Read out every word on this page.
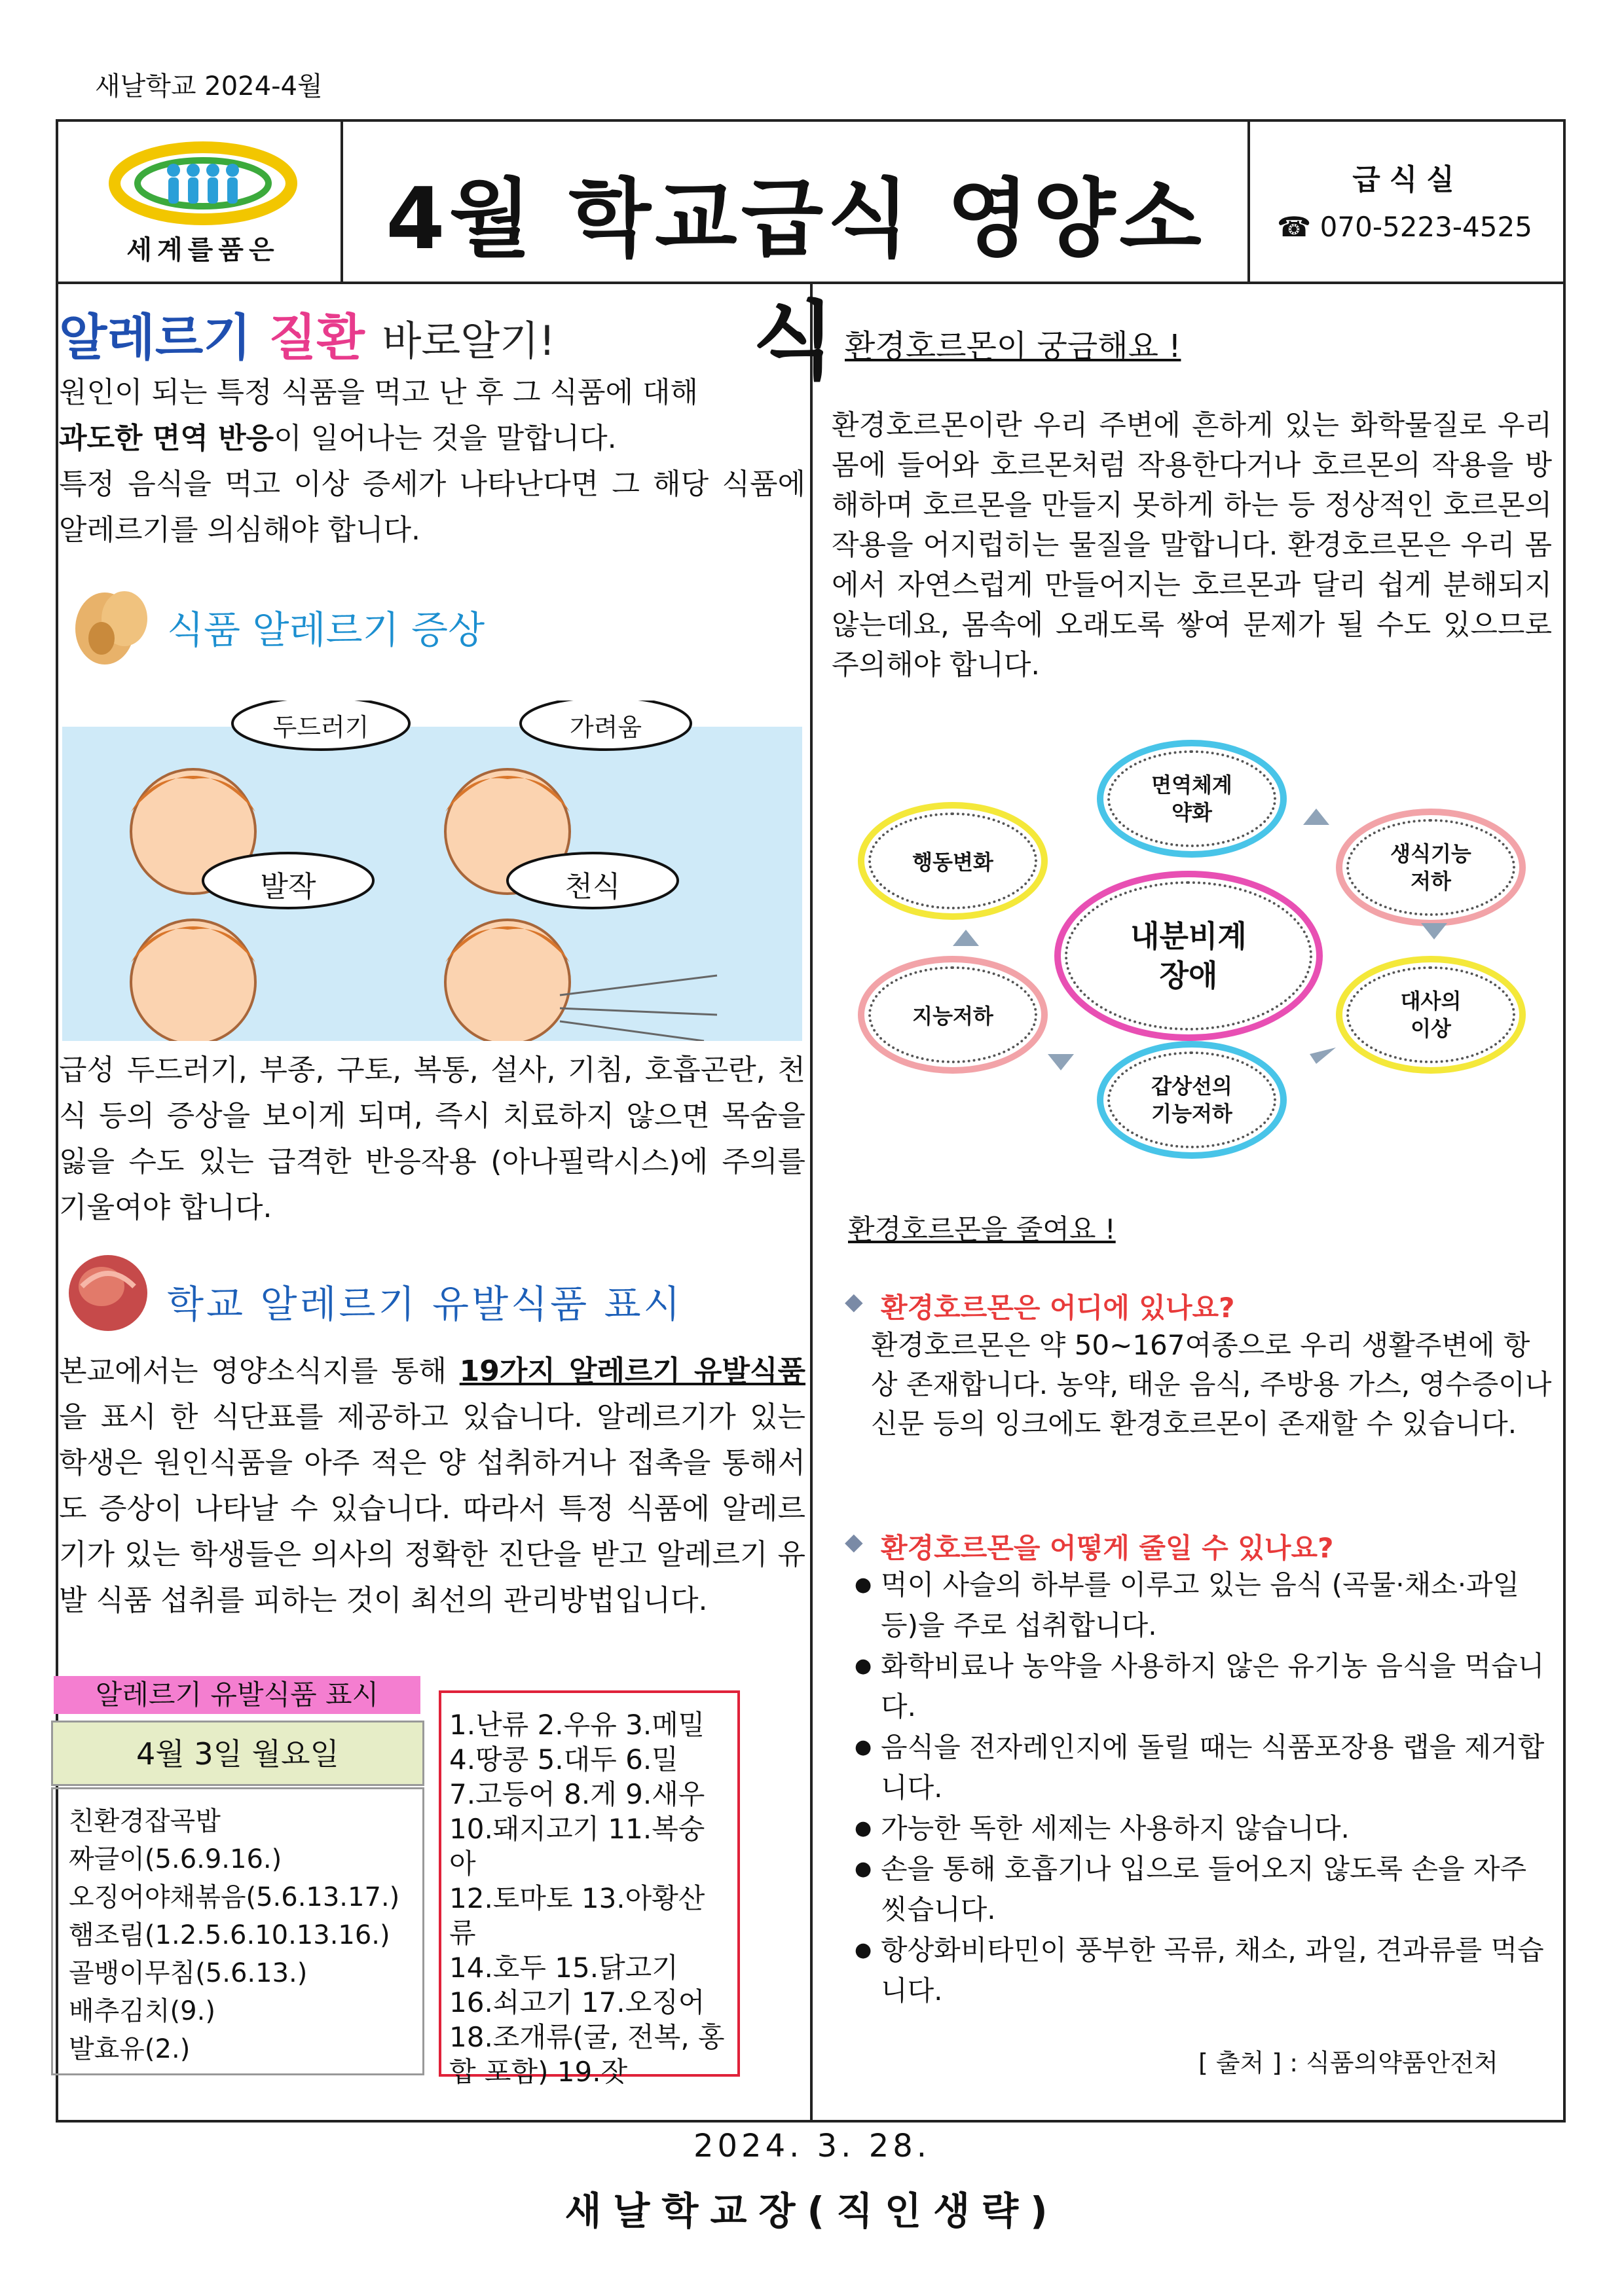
새날학교 2024-4월
세계를품은	4월 학교급식 영양소식
급식실
☎ 070-5223-4525
알레르기 질환 바로알기!
원인이 되는 특정 식품을 먹고 난 후 그 식품에 대해
과도한 면역 반응이 일어나는 것을 말합니다.
특정 음식을 먹고 이상 증세가 나타난다면 그 해당 식품에 알레르기를 의심해야 합니다.
식품 알레르기 증상
두드러기	가려움
발작	천식
급성 두드러기, 부종, 구토, 복통, 설사, 기침, 호흡곤란, 천식 등의 증상을 보이게 되며, 즉시 치료하지 않으면 목숨을 잃을 수도 있는 급격한 반응작용 (아나필락시스)에 주의를 기울여야 합니다.
학교 알레르기 유발식품 표시
본교에서는 영양소식지를 통해 19가지 알레르기 유발식품을 표시 한 식단표를 제공하고 있습니다. 알레르기가 있는 학생은 원인식품을 아주 적은 양 섭취하거나 접촉을 통해서도 증상이 나타날 수 있습니다. 따라서 특정 식품에 알레르기가 있는 학생들은 의사의 정확한 진단을 받고 알레르기 유발 식품 섭취를 피하는 것이 최선의 관리방법입니다.
알레르기 유발식품 표시
4월 3일 월요일
친환경잡곡밥
짜글이(5.6.9.16.)
오징어야채볶음(5.6.13.17.)
햄조림(1.2.5.6.10.13.16.)
골뱅이무침(5.6.13.)
배추김치(9.)
발효유(2.)
1.난류 2.우유 3.메밀
4.땅콩 5.대두 6.밀
7.고등어 8.게 9.새우
10.돼지고기 11.복숭아
12.토마토 13.아황산류
14.호두 15.닭고기
16.쇠고기 17.오징어
18.조개류(굴, 전복, 홍
합 포함) 19.잣
환경호르몬이 궁금해요 !
환경호르몬이란 우리 주변에 흔하게 있는 화학물질로 우리 몸에 들어와 호르몬처럼 작용한다거나 호르몬의 작용을 방해하며 호르몬을 만들지 못하게 하는 등 정상적인 호르몬의 작용을 어지럽히는 물질을 말합니다. 환경호르몬은 우리 몸에서 자연스럽게 만들어지는 호르몬과 달리 쉽게 분해되지 않는데요, 몸속에 오래도록 쌓여 문제가 될 수도 있으므로 주의해야 합니다.
내분비계
장애
면역체계
약화
생식기능
저하
대사의
이상
갑상선의
기능저하
지능저하
행동변화
환경호르몬을 줄여요 !
◆ 환경호르몬은 어디에 있나요?
환경호르몬은 약 50~167여종으로 우리 생활주변에 항상 존재합니다. 농약, 태운 음식, 주방용 가스, 영수증이나 신문 등의 잉크에도 환경호르몬이 존재할 수 있습니다.
◆ 환경호르몬을 어떻게 줄일 수 있나요?
● 먹이 사슬의 하부를 이루고 있는 음식 (곡물·채소·과일 등)을 주로 섭취합니다.
● 화학비료나 농약을 사용하지 않은 유기농 음식을 먹습니다.
● 음식을 전자레인지에 돌릴 때는 식품포장용 랩을 제거합니다.
● 가능한 독한 세제는 사용하지 않습니다.
● 손을 통해 호흡기나 입으로 들어오지 않도록 손을 자주 씻습니다.
● 항상화비타민이 풍부한 곡류, 채소, 과일, 견과류를 먹습니다.
[ 출처 ] : 식품의약품안전처
2024. 3. 28.
새날학교장(직인생략)
